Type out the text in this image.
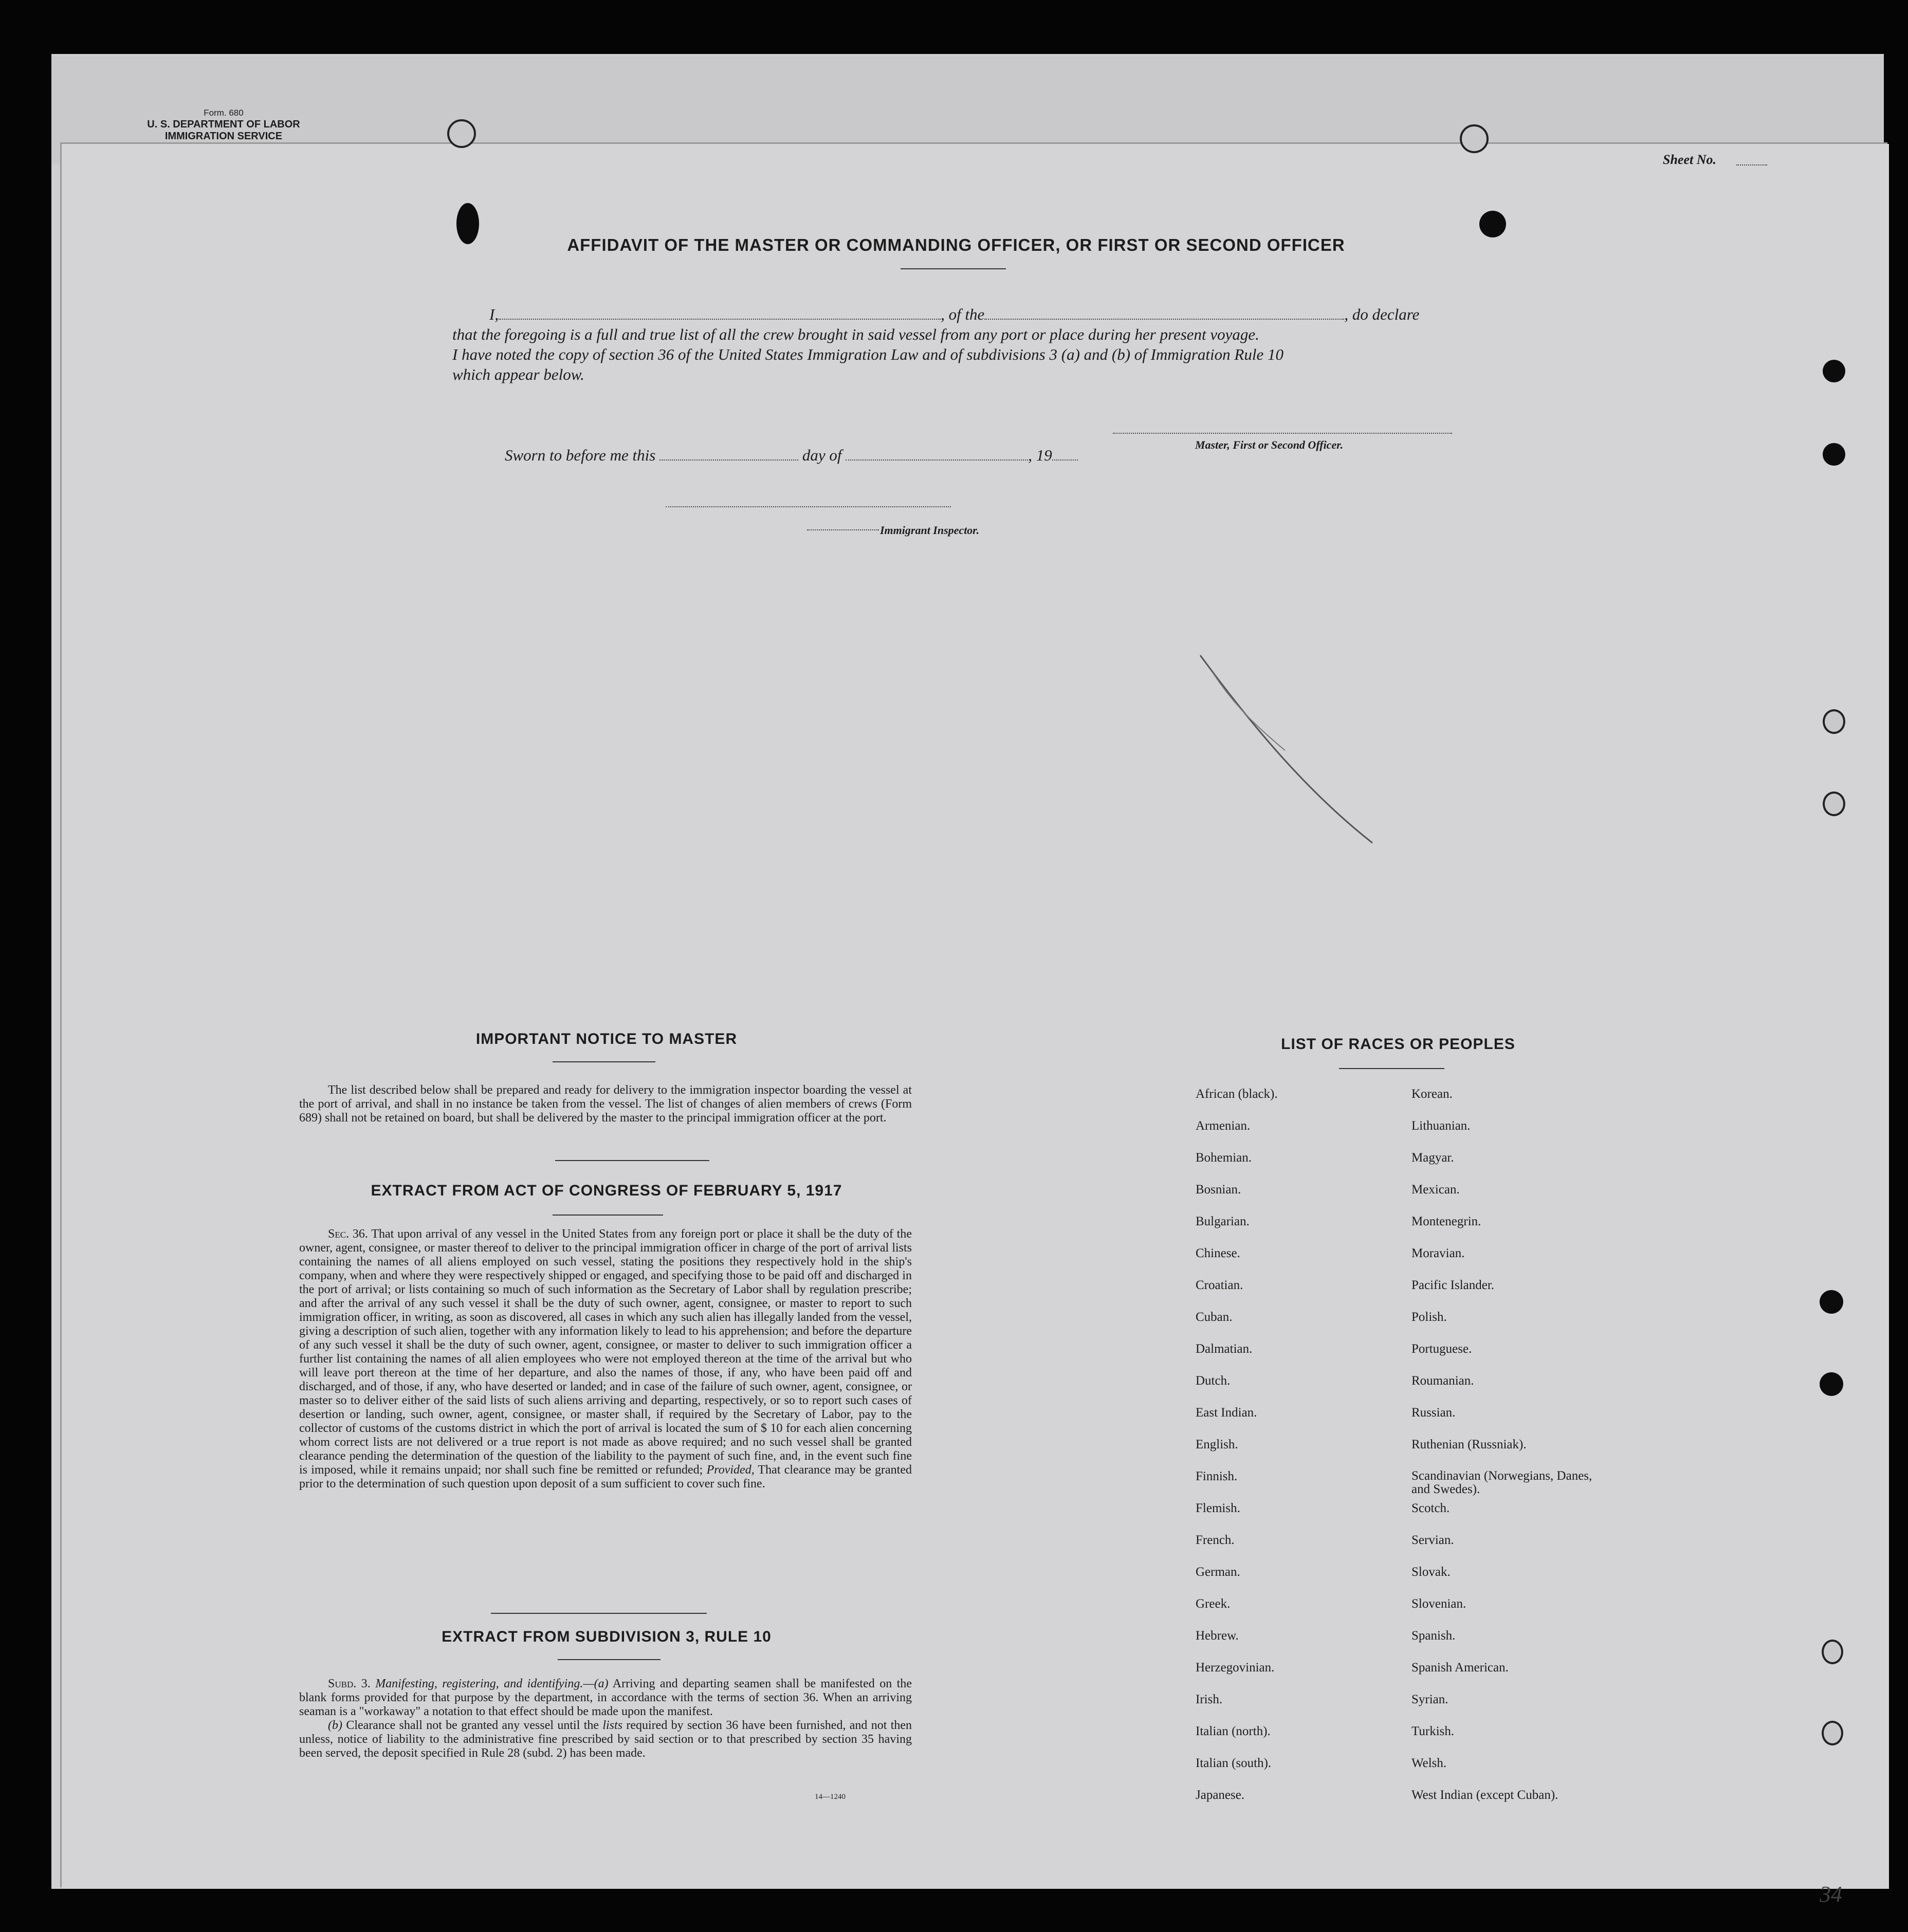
Form. 680
U. S. DEPARTMENT OF LABOR
IMMIGRATION SERVICE
Sheet No.
AFFIDAVIT OF THE MASTER OR COMMANDING OFFICER, OR FIRST OR SECOND OFFICER
I,	, of the	, do declare
that the foregoing is a full and true list of all the crew brought in said vessel from any port or place during her present voyage.
I have noted the copy of section 36 of the United States Immigration Law and of subdivisions 3 (a) and (b) of Immigration Rule 10
which appear below.
Master, First or Second Officer.
Sworn to before me this	day of	, 19
Immigrant Inspector.
IMPORTANT NOTICE TO MASTER

The list described below shall be prepared and ready for delivery to the immigration inspector boarding the vessel at the port of arrival, and shall in no instance be taken from the vessel. The list of changes of alien members of crews (Form 689) shall not be retained on board, but shall be delivered by the master to the principal immigration officer at the port.

EXTRACT FROM ACT OF CONGRESS OF FEBRUARY 5, 1917

Sec. 36. That upon arrival of any vessel in the United States from any foreign port or place it shall be the duty of the owner, agent, consignee, or master thereof to deliver to the principal immigration officer in charge of the port of arrival lists containing the names of all aliens employed on such vessel, stating the positions they respectively hold in the ship's company, when and where they were respectively shipped or engaged, and specifying those to be paid off and discharged in the port of arrival; or lists containing so much of such information as the Secretary of Labor shall by regulation prescribe; and after the arrival of any such vessel it shall be the duty of such owner, agent, consignee, or master to report to such immigration officer, in writing, as soon as discovered, all cases in which any such alien has illegally landed from the vessel, giving a description of such alien, together with any information likely to lead to his apprehension; and before the departure of any such vessel it shall be the duty of such owner, agent, consignee, or master to deliver to such immigration officer a further list containing the names of all alien employees who were not employed thereon at the time of the arrival but who will leave port thereon at the time of her departure, and also the names of those, if any, who have been paid off and discharged, and of those, if any, who have deserted or landed; and in case of the failure of such owner, agent, consignee, or master so to deliver either of the said lists of such aliens arriving and departing, respectively, or so to report such cases of desertion or landing, such owner, agent, consignee, or master shall, if required by the Secretary of Labor, pay to the collector of customs of the customs district in which the port of arrival is located the sum of $ 10 for each alien concerning whom correct lists are not delivered or a true report is not made as above required; and no such vessel shall be granted clearance pending the determination of the question of the liability to the payment of such fine, and, in the event such fine is imposed, while it remains unpaid; nor shall such fine be remitted or refunded; Provided, That clearance may be granted prior to the determination of such question upon deposit of a sum sufficient to cover such fine.

EXTRACT FROM SUBDIVISION 3, RULE 10

Subd. 3. Manifesting, registering, and identifying.—(a) Arriving and departing seamen shall be manifested on the blank forms provided for that purpose by the department, in accordance with the terms of section 36. When an arriving seaman is a "workaway" a notation to that effect should be made upon the manifest.

(b) Clearance shall not be granted any vessel until the lists required by section 36 have been furnished, and not then unless, notice of liability to the administrative fine prescribed by said section or to that prescribed by section 35 having been served, the deposit specified in Rule 28 (subd. 2) has been made.

14—1240
LIST OF RACES OR PEOPLES
African (black).	Korean.
Armenian.	Lithuanian.
Bohemian.	Magyar.
Bosnian.	Mexican.
Bulgarian.	Montenegrin.
Chinese.	Moravian.
Croatian.	Pacific Islander.
Cuban.	Polish.
Dalmatian.	Portuguese.
Dutch.	Roumanian.
East Indian.	Russian.
English.	Ruthenian (Russniak).
Finnish.	Scandinavian (Norwegians, Danes, and Swedes).
Flemish.	Scotch.
French.	Servian.
German.	Slovak.
Greek.	Slovenian.
Hebrew.	Spanish.
Herzegovinian.	Spanish American.
Irish.	Syrian.
Italian (north).	Turkish.
Italian (south).	Welsh.
Japanese.	West Indian (except Cuban).
34
